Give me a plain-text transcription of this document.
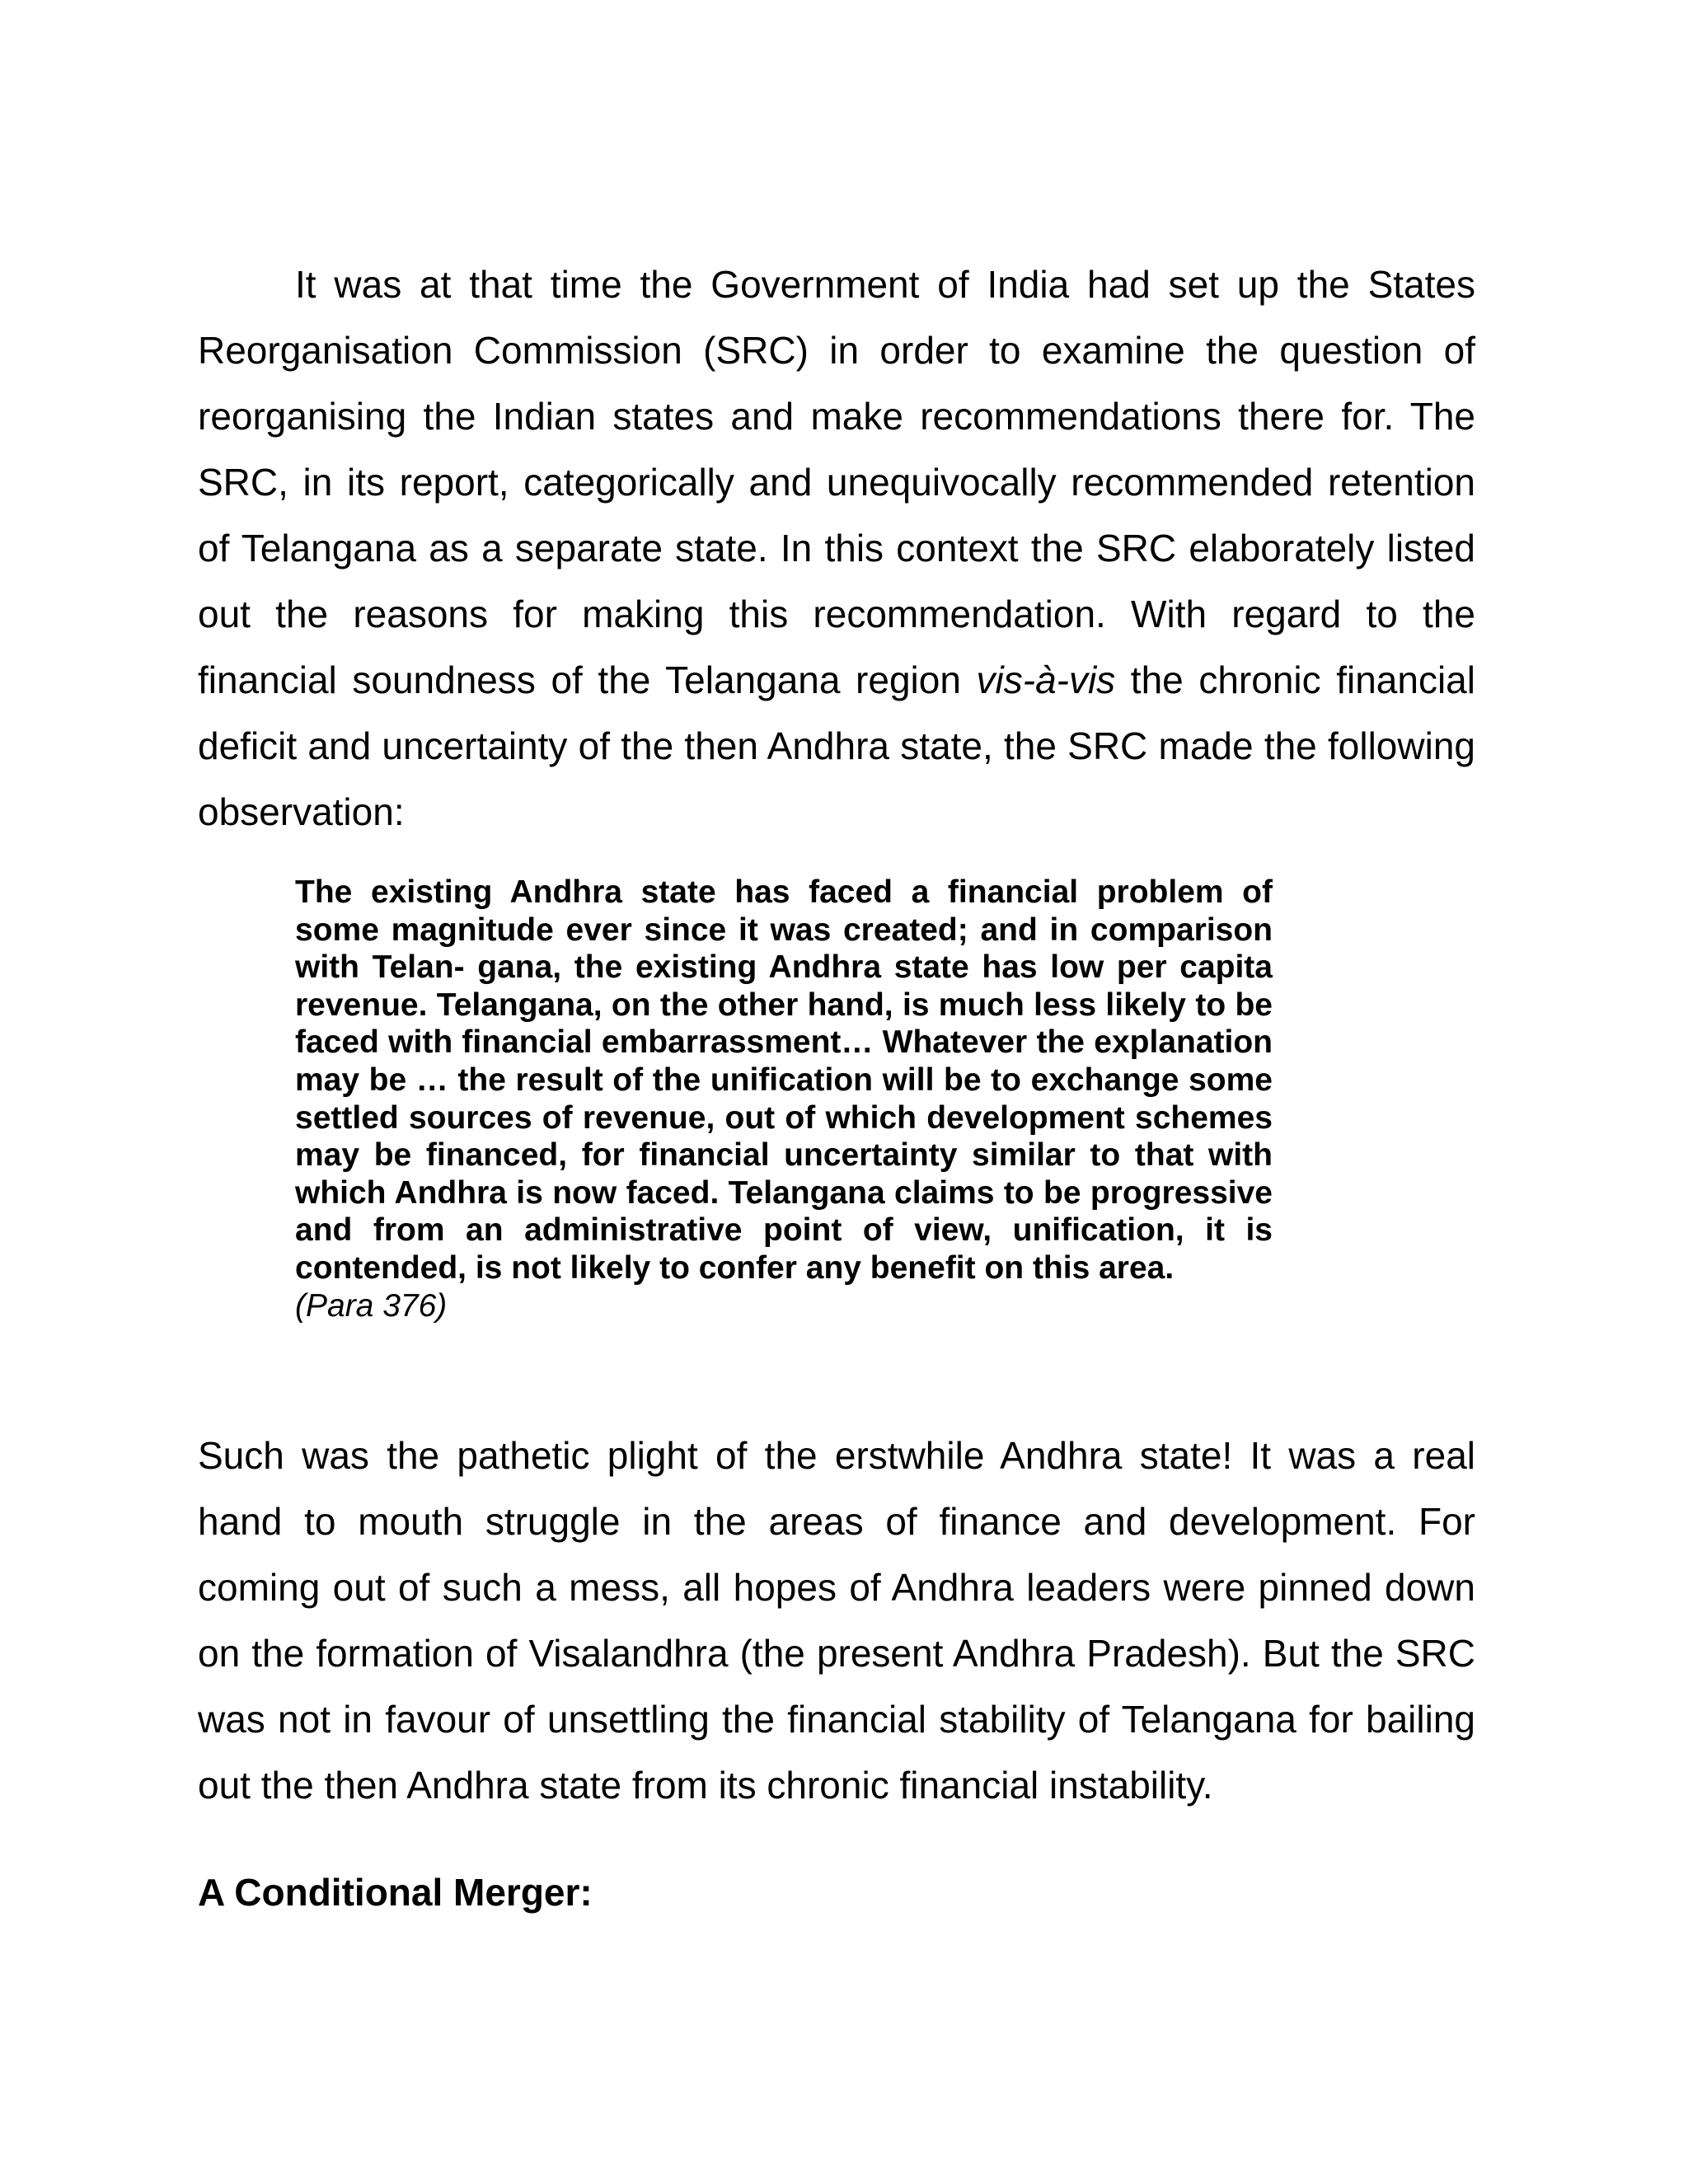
It was at that time the Government of India had set up the States Reorganisation Commission (SRC) in order to examine the question of reorganising the Indian states and make recommendations there for. The SRC, in its report, categorically and unequivocally recommended retention of Telangana as a separate state. In this context the SRC elaborately listed out the reasons for making this recommendation. With regard to the financial soundness of the Telangana region vis-à-vis the chronic financial deficit and uncertainty of the then Andhra state, the SRC made the following observation:

The existing Andhra state has faced a financial problem of some magnitude ever since it was created; and in comparison with Telan- gana, the existing Andhra state has low per capita revenue. Telangana, on the other hand, is much less likely to be faced with financial embarrassment… Whatever the explanation may be … the result of the unification will be to exchange some settled sources of revenue, out of which development schemes may be financed, for financial uncertainty similar to that with which Andhra is now faced. Telangana claims to be progressive and from an administrative point of view, unification, it is contended, is not likely to confer any benefit on this area.
(Para 376)

Such was the pathetic plight of the erstwhile Andhra state! It was a real hand to mouth struggle in the areas of finance and development. For coming out of such a mess, all hopes of Andhra leaders were pinned down on the formation of Visalandhra (the present Andhra Pradesh). But the SRC was not in favour of unsettling the financial stability of Telangana for bailing out the then Andhra state from its chronic financial instability.

A Conditional Merger:
